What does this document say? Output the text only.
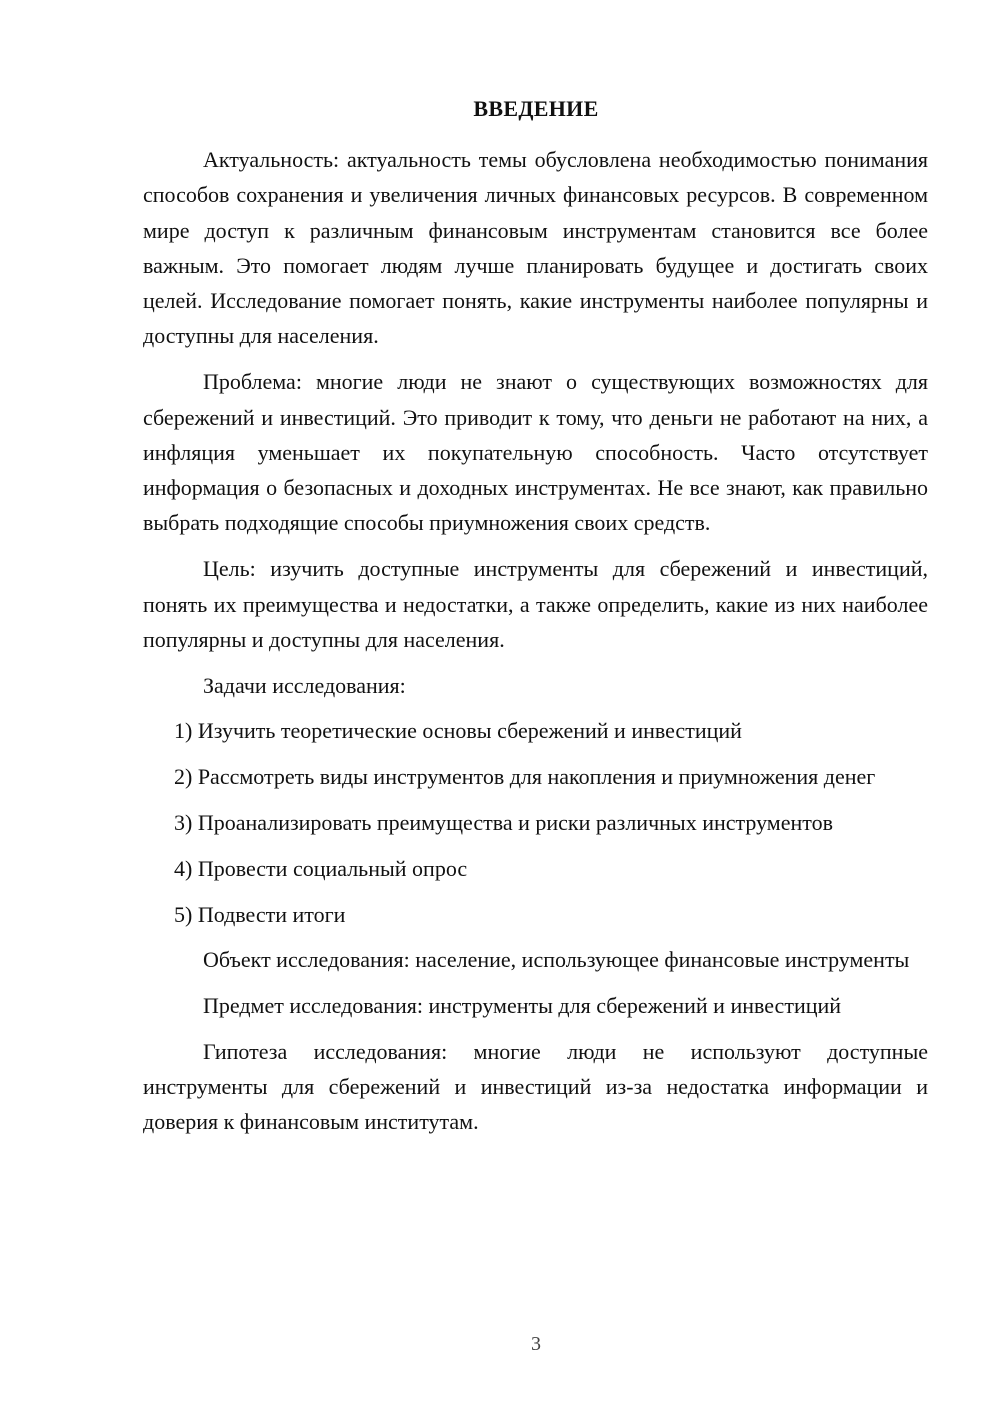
ВВЕДЕНИЕ

Актуальность: актуальность темы обусловлена необходимостью понимания способов сохранения и увеличения личных финансовых ресурсов. В современном мире доступ к различным финансовым инструментам становится все более важным. Это помогает людям лучше планировать будущее и достигать своих целей. Исследование помогает понять, какие инструменты наиболее популярны и доступны для населения.

Проблема: многие люди не знают о существующих возможностях для сбережений и инвестиций. Это приводит к тому, что деньги не работают на них, а инфляция уменьшает их покупательную способность. Часто отсутствует информация о безопасных и доходных инструментах. Не все знают, как правильно выбрать подходящие способы приумножения своих средств.

Цель: изучить доступные инструменты для сбережений и инвестиций, понять их преимущества и недостатки, а также определить, какие из них наиболее популярны и доступны для населения.

Задачи исследования:

1) Изучить теоретические основы сбережений и инвестиций

2) Рассмотреть виды инструментов для накопления и приумножения денег

3) Проанализировать преимущества и риски различных инструментов

4) Провести социальный опрос

5) Подвести итоги

Объект исследования: население, использующее финансовые инструменты

Предмет исследования: инструменты для сбережений и инвестиций

Гипотеза исследования: многие люди не используют доступные инструменты для сбережений и инвестиций из-за недостатка информации и доверия к финансовым институтам.

3
